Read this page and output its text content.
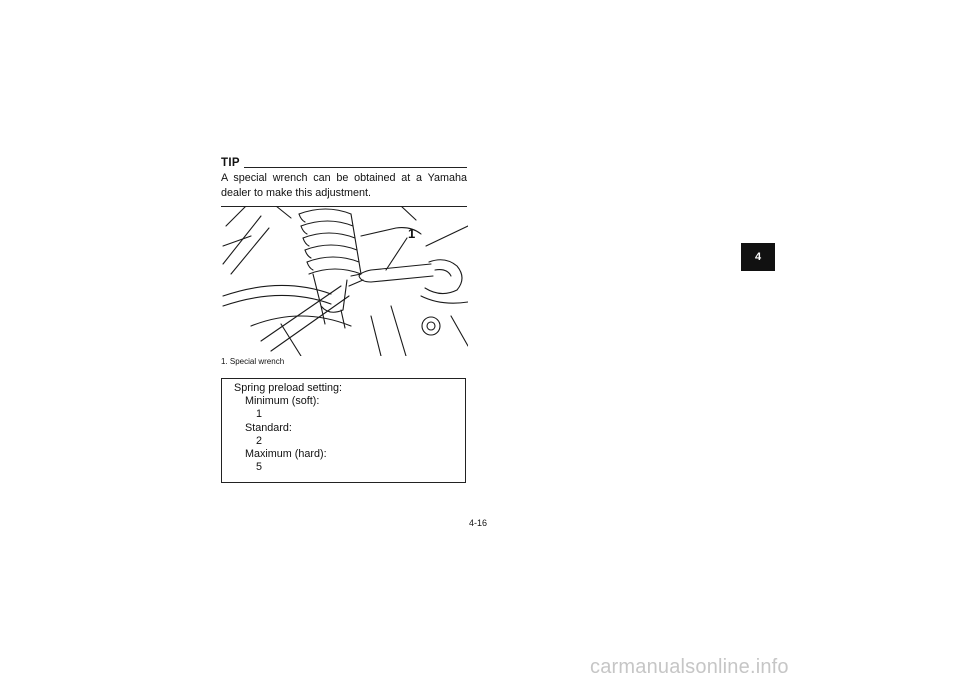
TIP
A special wrench can be obtained at a Yamaha dealer to make this adjustment.
1
1. Special wrench
Spring preload setting:
Minimum (soft):
1
Standard:
2
Maximum (hard):
5
4-16
4
carmanualsonline.info
